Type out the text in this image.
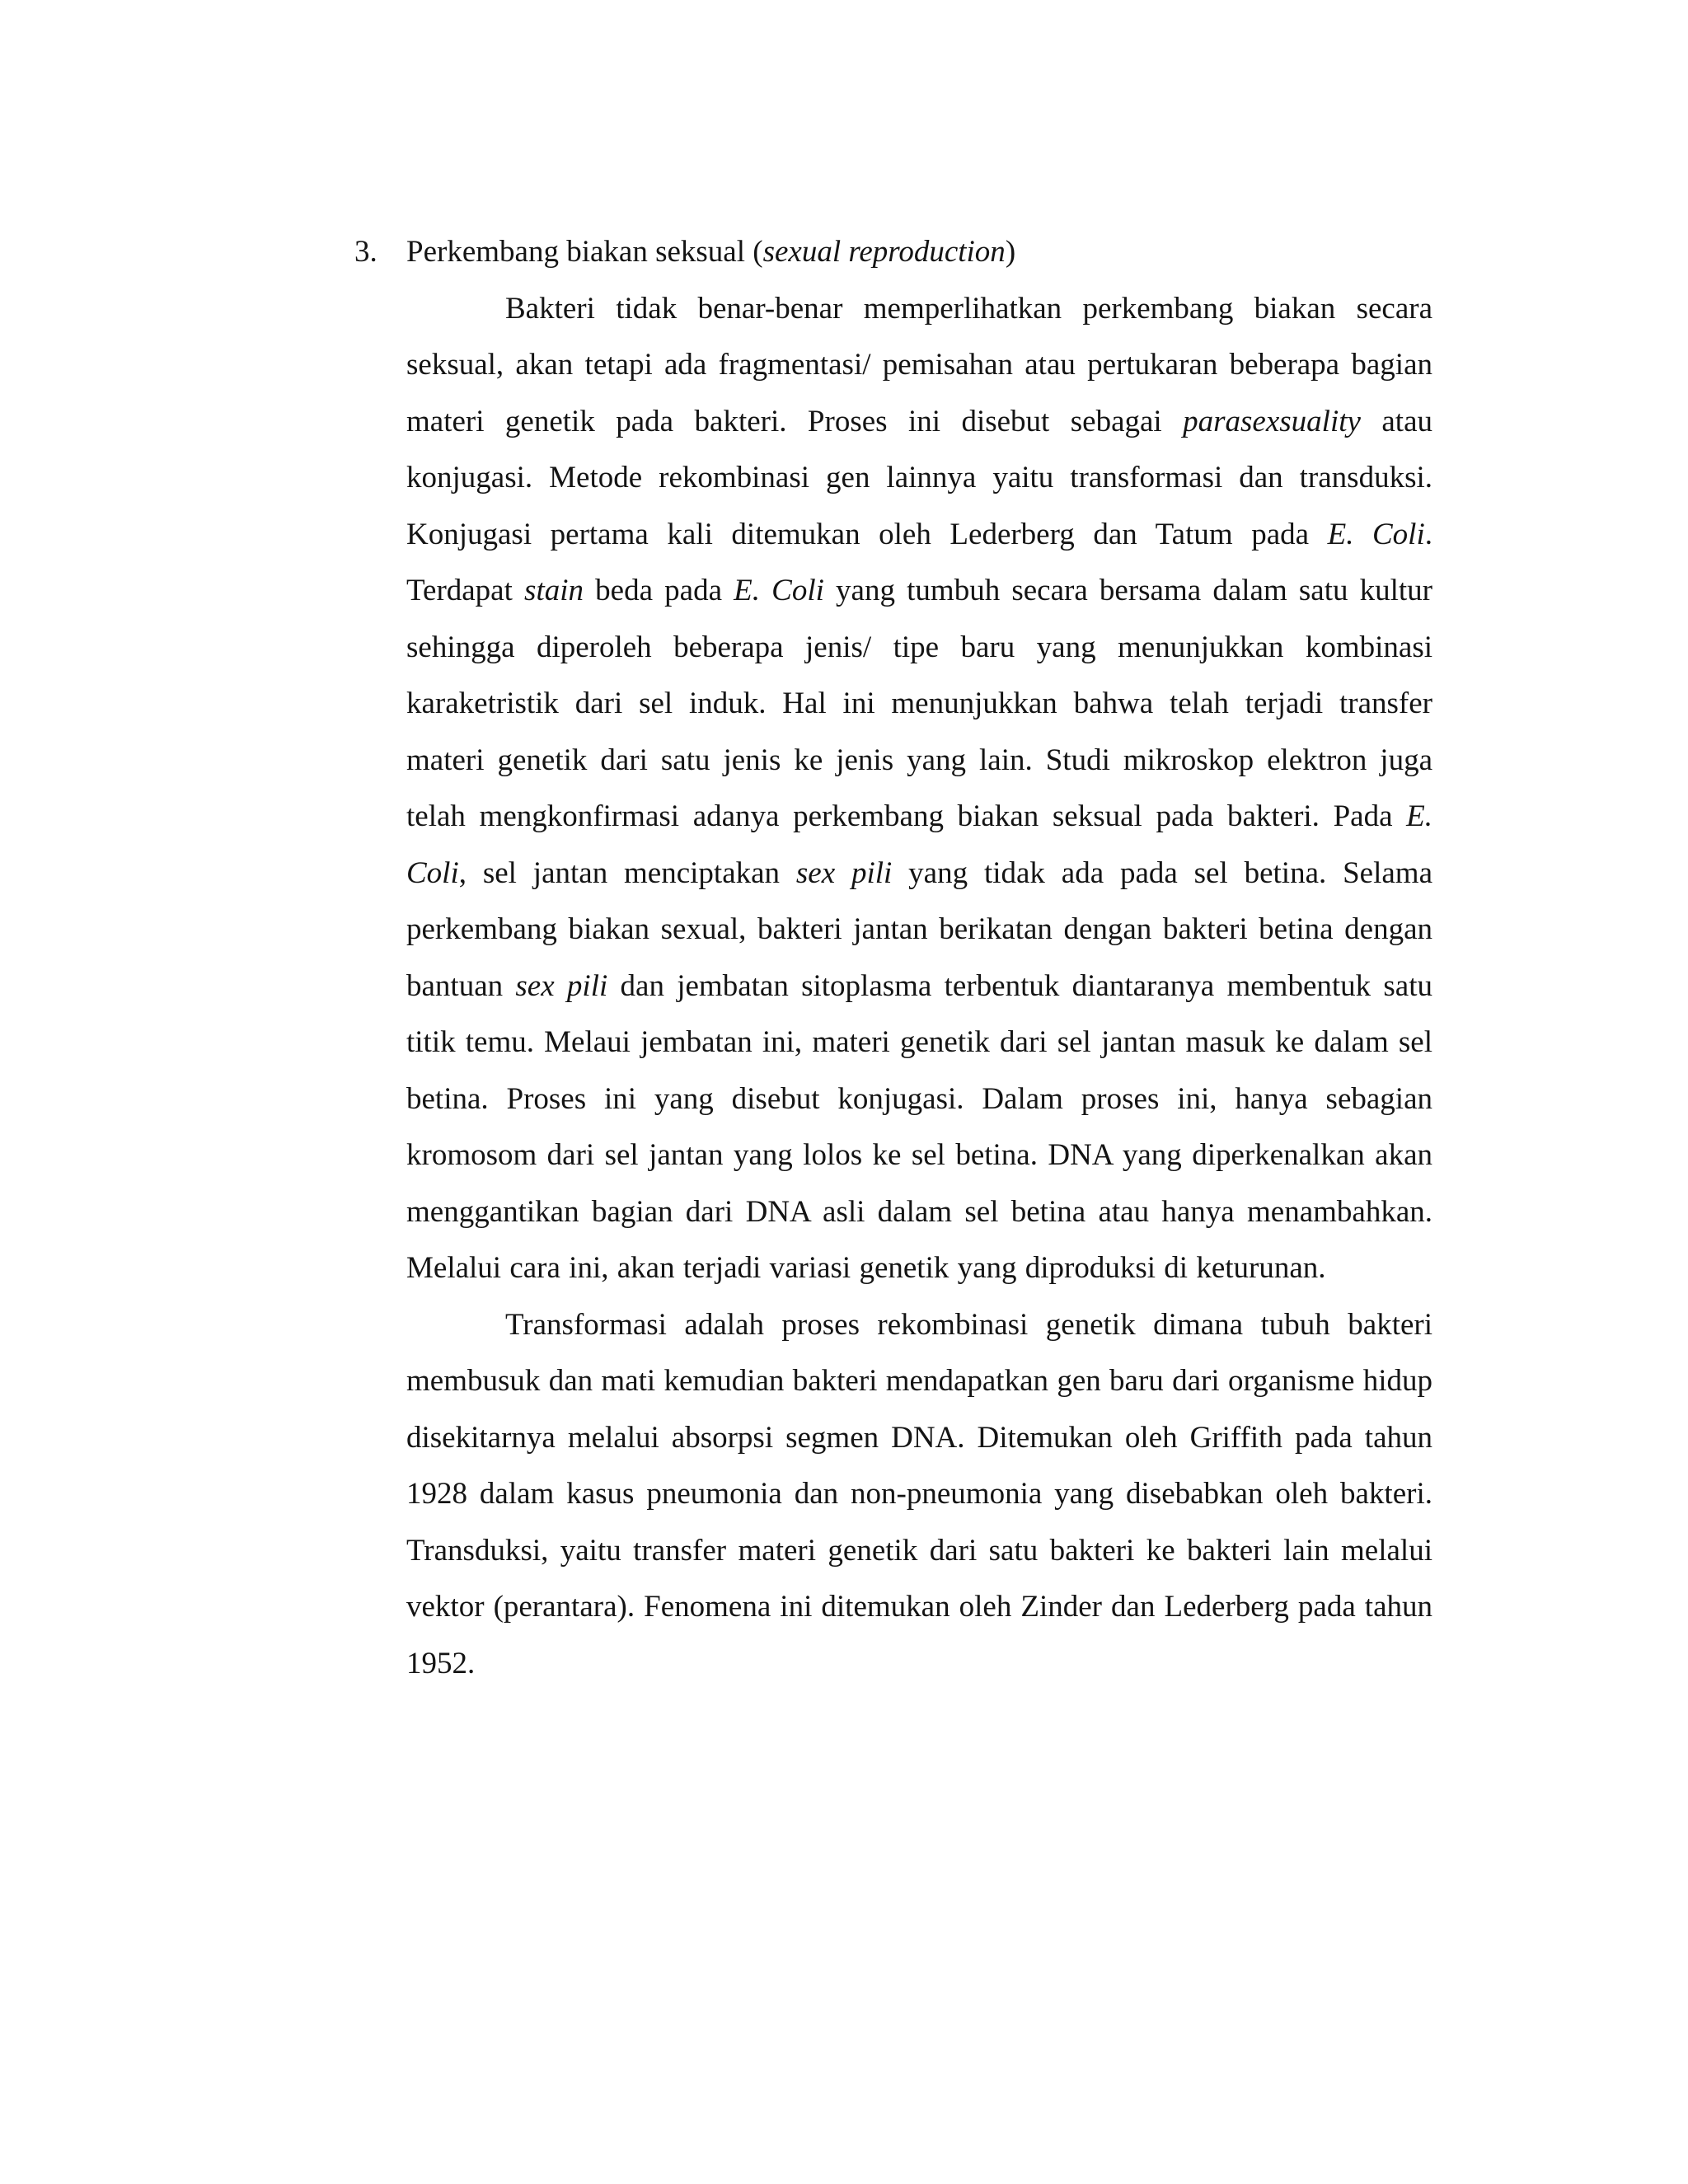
3. Perkembang biakan seksual (sexual reproduction)

Bakteri tidak benar-benar memperlihatkan perkembang biakan secara seksual, akan tetapi ada fragmentasi/ pemisahan atau pertukaran beberapa bagian materi genetik pada bakteri. Proses ini disebut sebagai parasexsuality atau konjugasi. Metode rekombinasi gen lainnya yaitu transformasi dan transduksi. Konjugasi pertama kali ditemukan oleh Lederberg dan Tatum pada E. Coli. Terdapat stain beda pada E. Coli yang tumbuh secara bersama dalam satu kultur sehingga diperoleh beberapa jenis/ tipe baru yang menunjukkan kombinasi karaketristik dari sel induk. Hal ini menunjukkan bahwa telah terjadi transfer materi genetik dari satu jenis ke jenis yang lain. Studi mikroskop elektron juga telah mengkonfirmasi adanya perkembang biakan seksual pada bakteri. Pada E. Coli, sel jantan menciptakan sex pili yang tidak ada pada sel betina. Selama perkembang biakan sexual, bakteri jantan berikatan dengan bakteri betina dengan bantuan sex pili dan jembatan sitoplasma terbentuk diantaranya membentuk satu titik temu. Melaui jembatan ini, materi genetik dari sel jantan masuk ke dalam sel betina. Proses ini yang disebut konjugasi. Dalam proses ini, hanya sebagian kromosom dari sel jantan yang lolos ke sel betina. DNA yang diperkenalkan akan menggantikan bagian dari DNA asli dalam sel betina atau hanya menambahkan. Melalui cara ini, akan terjadi variasi genetik yang diproduksi di keturunan.

Transformasi adalah proses rekombinasi genetik dimana tubuh bakteri membusuk dan mati kemudian bakteri mendapatkan gen baru dari organisme hidup disekitarnya melalui absorpsi segmen DNA. Ditemukan oleh Griffith pada tahun 1928 dalam kasus pneumonia dan non-pneumonia yang disebabkan oleh bakteri. Transduksi, yaitu transfer materi genetik dari satu bakteri ke bakteri lain melalui vektor (perantara). Fenomena ini ditemukan oleh Zinder dan Lederberg pada tahun 1952.
